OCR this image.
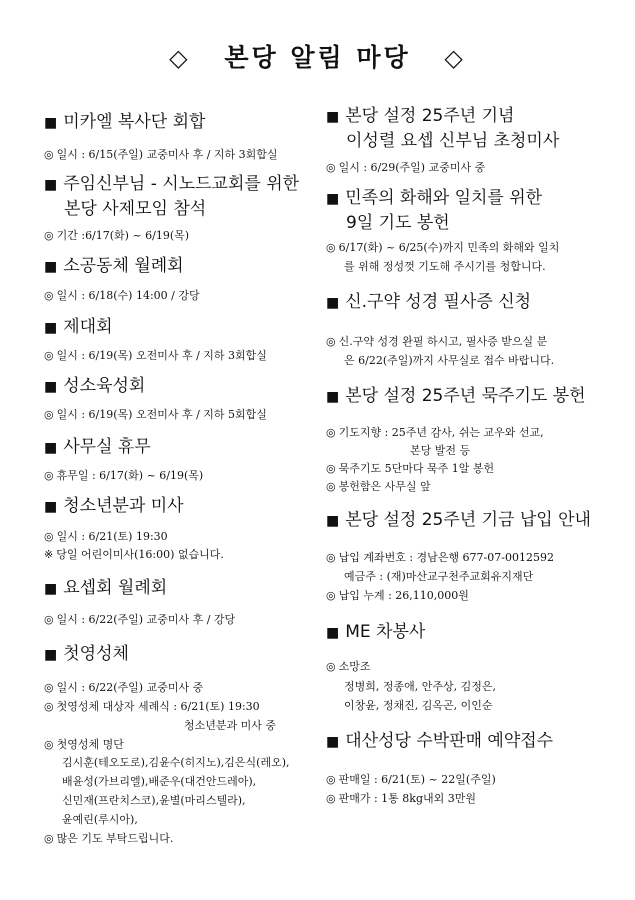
◇ 본당 알림 마당 ◇
■ 미카엘 복사단 회합
◎ 일시 : 6/15(주일) 교중미사 후 / 지하 3회합실
■ 주임신부님 - 시노드교회를 위한
본당 사제모임 참석
◎ 기간 :6/17(화) ~ 6/19(목)
■ 소공동체 월례회
◎ 일시 : 6/18(수) 14:00 / 강당
■ 제대회
◎ 일시 : 6/19(목) 오전미사 후 / 지하 3회합실
■ 성소육성회
◎ 일시 : 6/19(목) 오전미사 후 / 지하 5회합실
■ 사무실 휴무
◎ 휴무일 : 6/17(화) ~ 6/19(목)
■ 청소년분과 미사
◎ 일시 : 6/21(토) 19:30
※ 당일 어린이미사(16:00) 없습니다.
■ 요셉회 월례회
◎ 일시 : 6/22(주일) 교중미사 후 / 강당
■ 첫영성체
◎ 일시 : 6/22(주일) 교중미사 중
◎ 첫영성체 대상자 세례식 : 6/21(토) 19:30
청소년분과 미사 중
◎ 첫영성체 명단
김시훈(테오도로),김윤수(히지노),김은식(레오),
배윤성(가브리엘),배준우(대건안드레아),
신민재(프란치스코),윤별(마리스텔라),
윤예린(루시아),
◎ 많은 기도 부탁드립니다.
■ 본당 설정 25주년 기념
이성렬 요셉 신부님 초청미사
◎ 일시 : 6/29(주일) 교중미사 중
■ 민족의 화해와 일치를 위한
9일 기도 봉헌
◎ 6/17(화) ~ 6/25(수)까지 민족의 화해와 일치
를 위해 정성껏 기도해 주시기를 청합니다.
■ 신.구약 성경 필사증 신청
◎ 신.구약 성경 완필 하시고, 필사증 받으실 분
은 6/22(주일)까지 사무실로 접수 바랍니다.
■ 본당 설정 25주년 묵주기도 봉헌
◎ 기도지향 : 25주년 감사, 쉬는 교우와 선교,
본당 발전 등
◎ 묵주기도 5단마다 묵주 1알 봉헌
◎ 봉헌함은 사무실 앞
■ 본당 설정 25주년 기금 납입 안내
◎ 납입 계좌번호 : 경남은행 677-07-0012592
예금주 : (재)마산교구천주교회유지재단
◎ 납입 누계 : 26,110,000원
■ ME 차봉사
◎ 소망조
정병희, 정종애, 안주상, 김정은,
이창윤, 정채진, 김옥곤, 이인순
■ 대산성당 수박판매 예약접수
◎ 판매일 : 6/21(토) ~ 22일(주일)
◎ 판매가 : 1통 8kg내외 3만원
